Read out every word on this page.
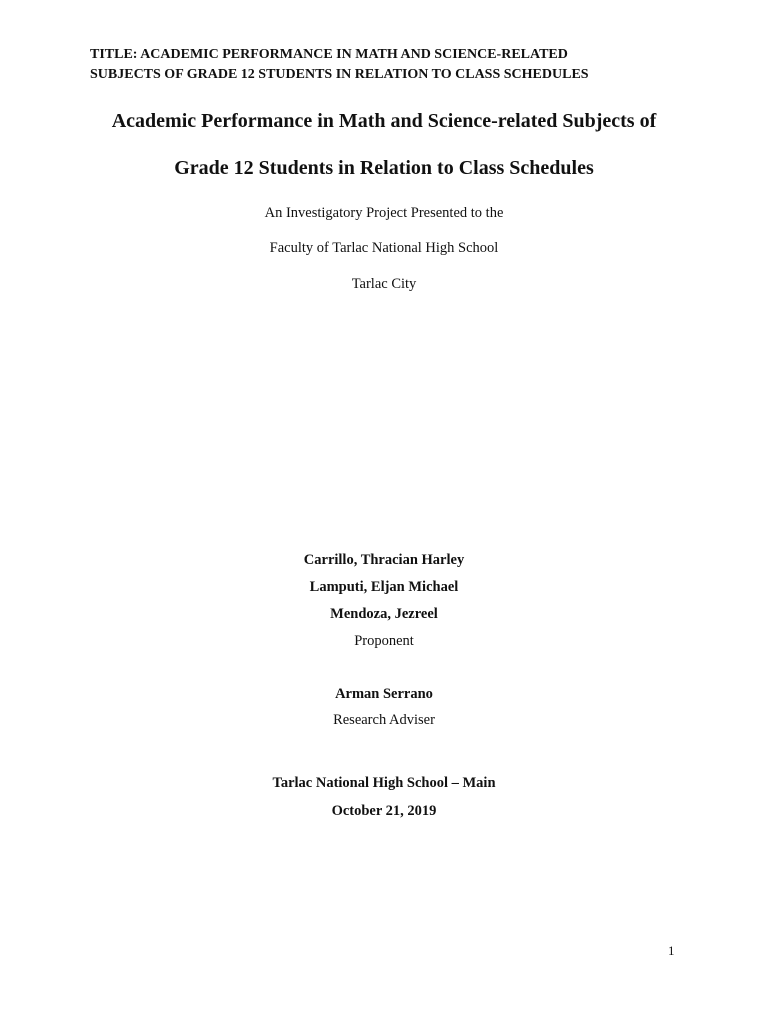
TITLE: ACADEMIC PERFORMANCE IN MATH AND SCIENCE-RELATED
SUBJECTS OF GRADE 12 STUDENTS IN RELATION TO CLASS SCHEDULES
Academic Performance in Math and Science-related Subjects of
Grade 12 Students in Relation to Class Schedules
An Investigatory Project Presented to the
Faculty of Tarlac National High School
Tarlac City
Carrillo, Thracian Harley
Lamputi, Eljan Michael
Mendoza, Jezreel
Proponent
Arman Serrano
Research Adviser
Tarlac National High School – Main
October 21, 2019
1
